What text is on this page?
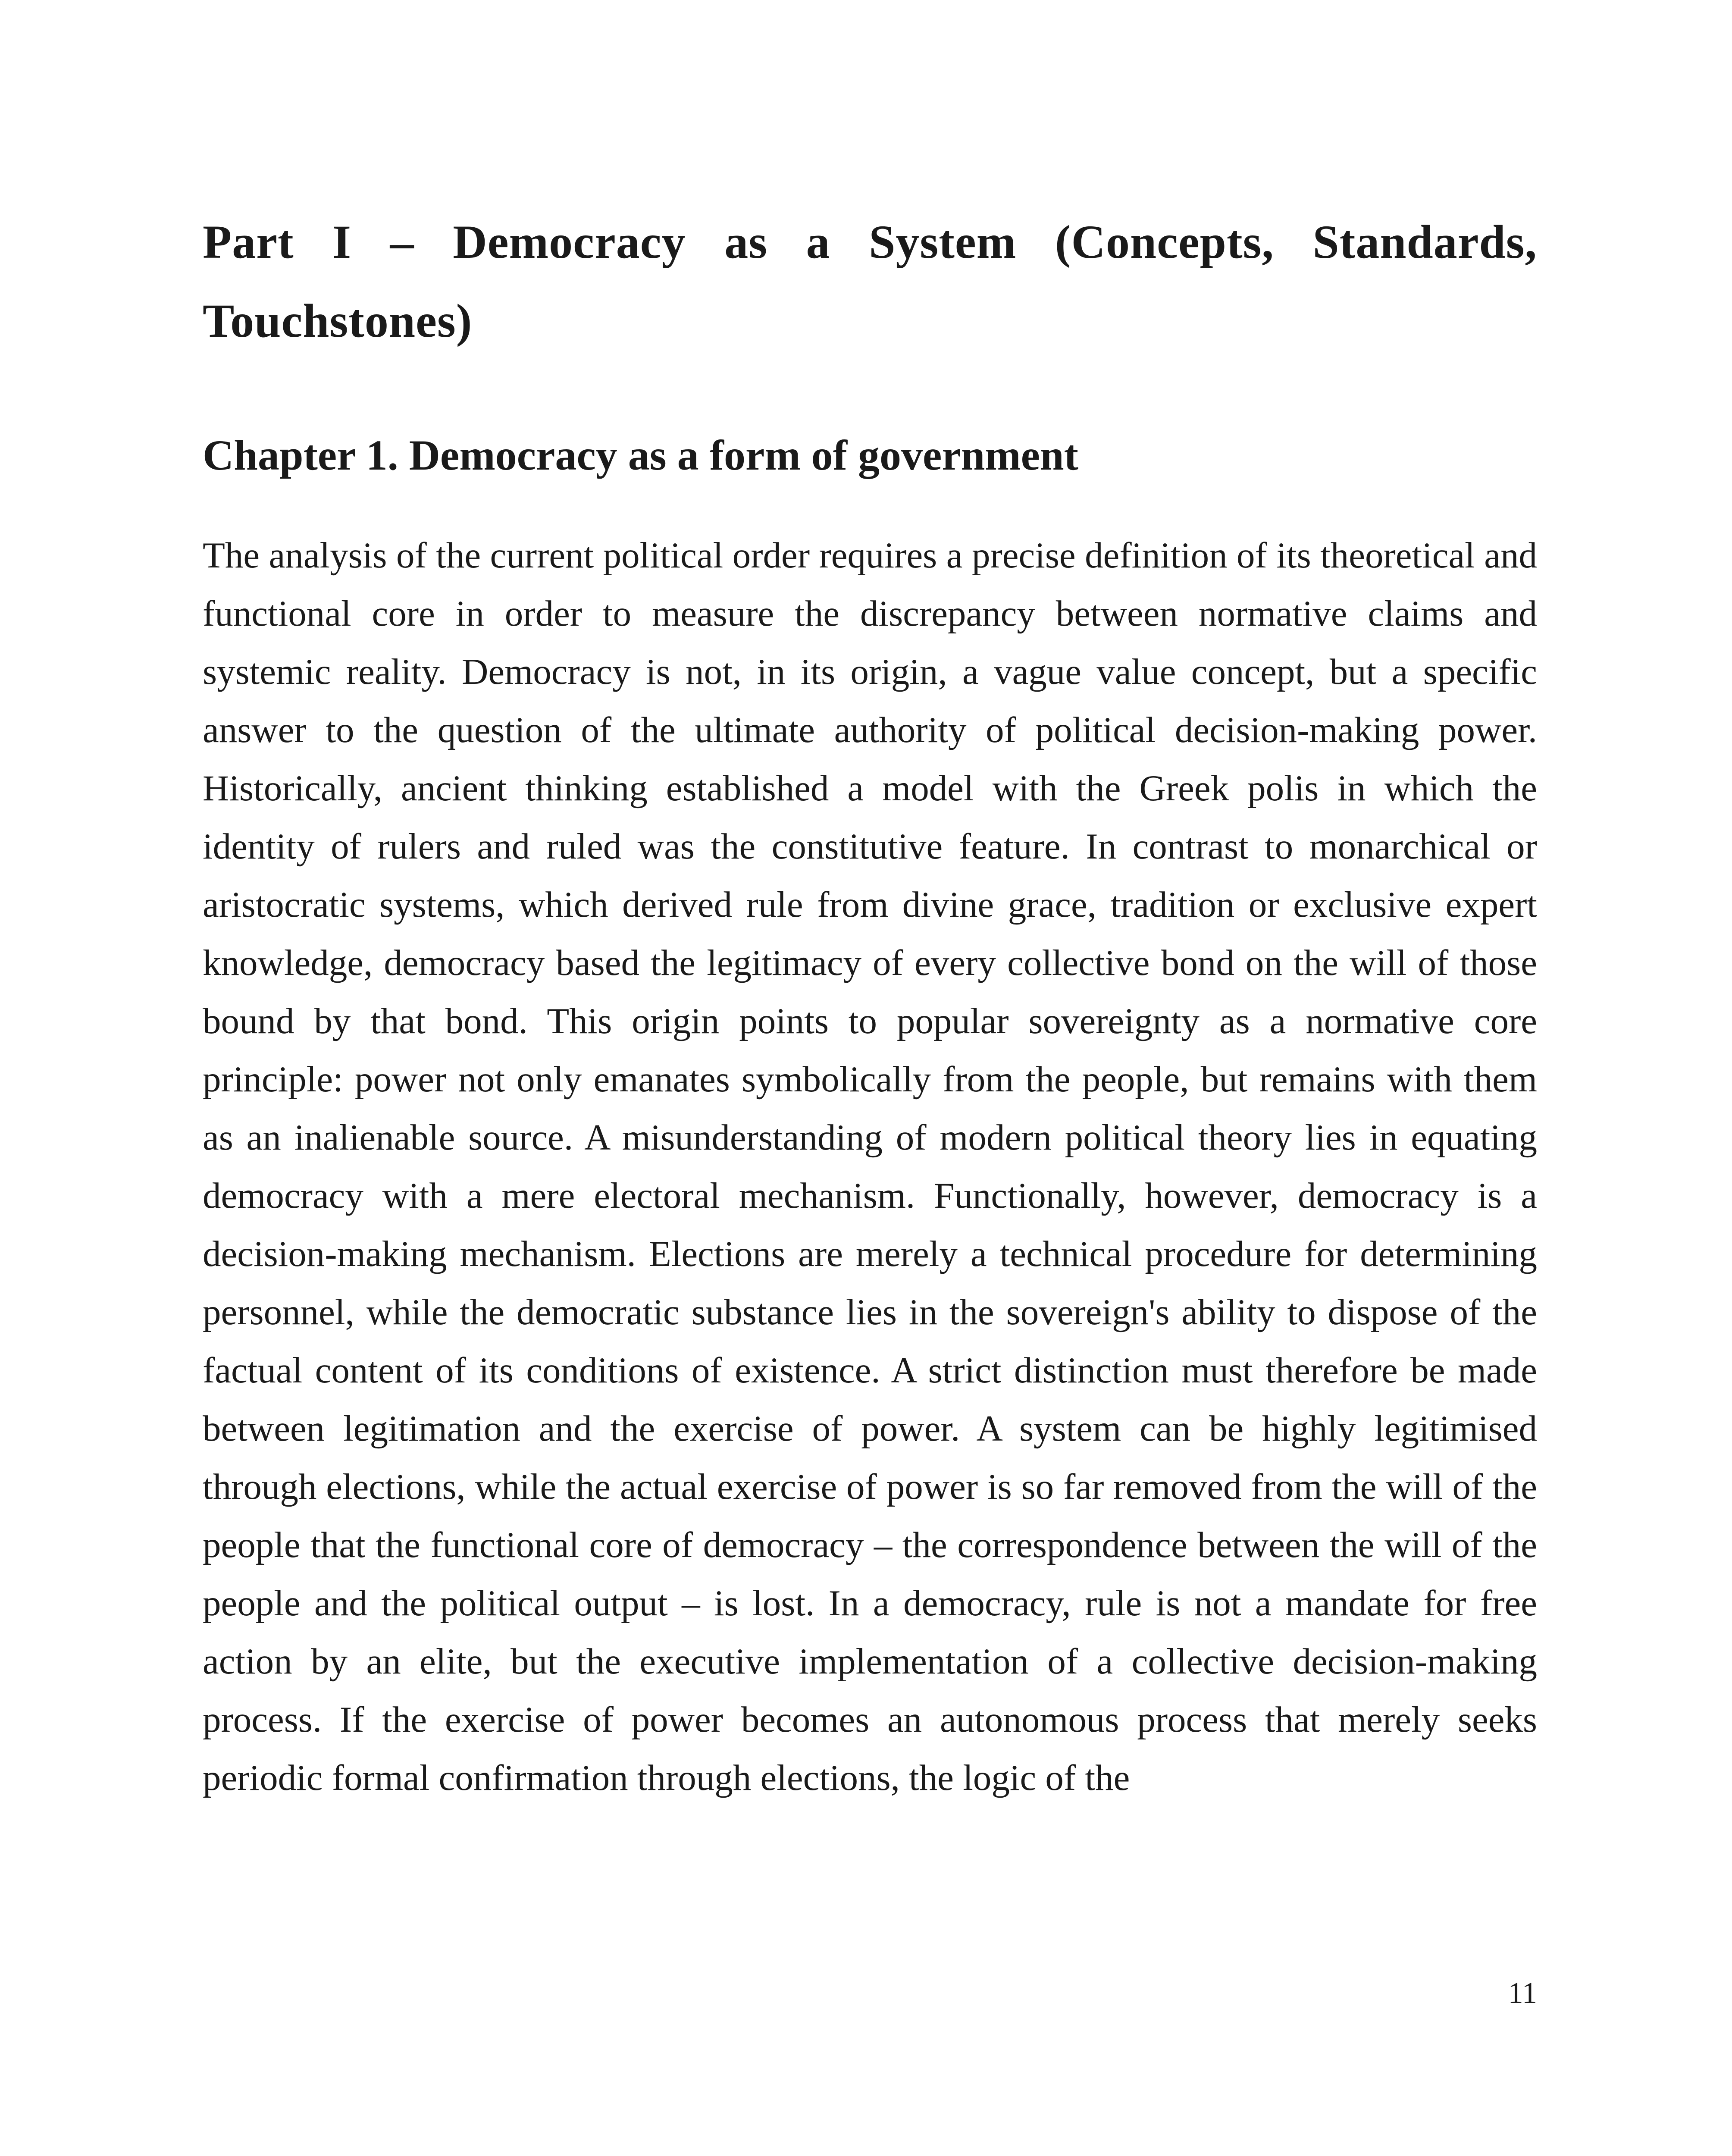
Part I – Democracy as a System (Concepts, Standards, Touchstones)
Chapter 1. Democracy as a form of government

The analysis of the current political order requires a precise definition of its theoretical and functional core in order to measure the discrepancy between normative claims and systemic reality. Democracy is not, in its origin, a vague value concept, but a specific answer to the question of the ultimate authority of political decision-making power. Historically, ancient thinking established a model with the Greek polis in which the identity of rulers and ruled was the constitutive feature. In contrast to monarchical or aristocratic systems, which derived rule from divine grace, tradition or exclusive expert knowledge, democracy based the legitimacy of every collective bond on the will of those bound by that bond. This origin points to popular sovereignty as a normative core principle: power not only emanates symbolically from the people, but remains with them as an inalienable source. A misunderstanding of modern political theory lies in equating democracy with a mere electoral mechanism. Functionally, however, democracy is a decision-making mechanism. Elections are merely a technical procedure for determining personnel, while the democratic substance lies in the sovereign's ability to dispose of the factual content of its conditions of existence. A strict distinction must therefore be made between legitimation and the exercise of power. A system can be highly legitimised through elections, while the actual exercise of power is so far removed from the will of the people that the functional core of democracy – the correspondence between the will of the people and the political output – is lost. In a democracy, rule is not a mandate for free action by an elite, but the executive implementation of a collective decision-making process. If the exercise of power becomes an autonomous process that merely seeks periodic formal confirmation through elections, the logic of the

11
